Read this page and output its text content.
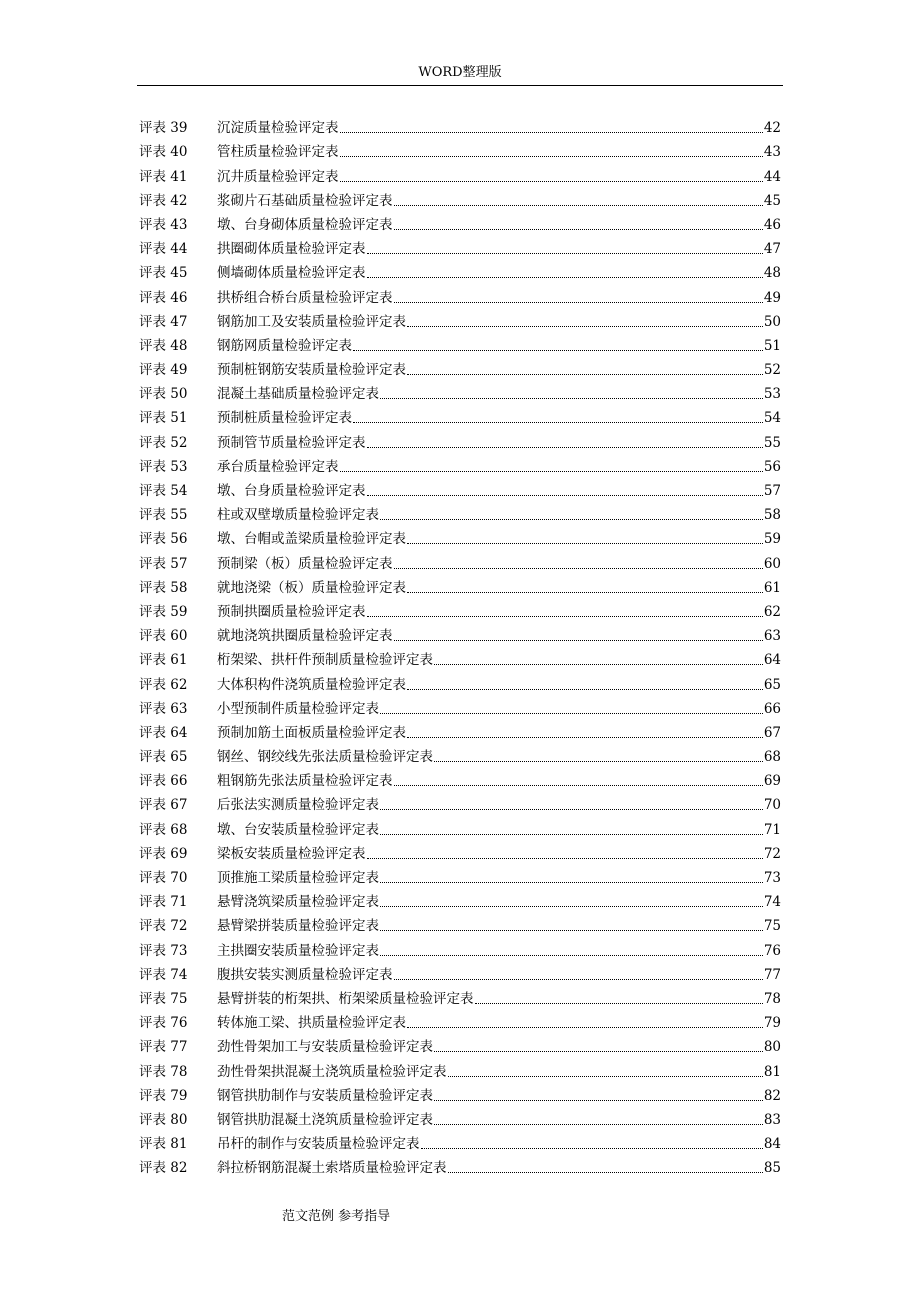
WORD整理版
评表 39	沉淀质量检验评定表	42
评表 40	管柱质量检验评定表	43
评表 41	沉井质量检验评定表	44
评表 42	浆砌片石基础质量检验评定表	45
评表 43	墩、台身砌体质量检验评定表	46
评表 44	拱圈砌体质量检验评定表	47
评表 45	侧墙砌体质量检验评定表	48
评表 46	拱桥组合桥台质量检验评定表	49
评表 47	钢筋加工及安装质量检验评定表	50
评表 48	钢筋网质量检验评定表	51
评表 49	预制桩钢筋安装质量检验评定表	52
评表 50	混凝土基础质量检验评定表	53
评表 51	预制桩质量检验评定表	54
评表 52	预制管节质量检验评定表	55
评表 53	承台质量检验评定表	56
评表 54	墩、台身质量检验评定表	57
评表 55	柱或双壁墩质量检验评定表	58
评表 56	墩、台帽或盖梁质量检验评定表	59
评表 57	预制梁（板）质量检验评定表	60
评表 58	就地浇梁（板）质量检验评定表	61
评表 59	预制拱圈质量检验评定表	62
评表 60	就地浇筑拱圈质量检验评定表	63
评表 61	桁架梁、拱杆件预制质量检验评定表	64
评表 62	大体积构件浇筑质量检验评定表	65
评表 63	小型预制件质量检验评定表	66
评表 64	预制加筋土面板质量检验评定表	67
评表 65	钢丝、钢绞线先张法质量检验评定表	68
评表 66	粗钢筋先张法质量检验评定表	69
评表 67	后张法实测质量检验评定表	70
评表 68	墩、台安装质量检验评定表	71
评表 69	梁板安装质量检验评定表	72
评表 70	顶推施工梁质量检验评定表	73
评表 71	悬臂浇筑梁质量检验评定表	74
评表 72	悬臂梁拼装质量检验评定表	75
评表 73	主拱圈安装质量检验评定表	76
评表 74	腹拱安装实测质量检验评定表	77
评表 75	悬臂拼装的桁架拱、桁架梁质量检验评定表	78
评表 76	转体施工梁、拱质量检验评定表	79
评表 77	劲性骨架加工与安装质量检验评定表	80
评表 78	劲性骨架拱混凝土浇筑质量检验评定表	81
评表 79	钢管拱肋制作与安装质量检验评定表	82
评表 80	钢管拱肋混凝土浇筑质量检验评定表	83
评表 81	吊杆的制作与安装质量检验评定表	84
评表 82	斜拉桥钢筋混凝土索塔质量检验评定表	85
范文范例 参考指导
